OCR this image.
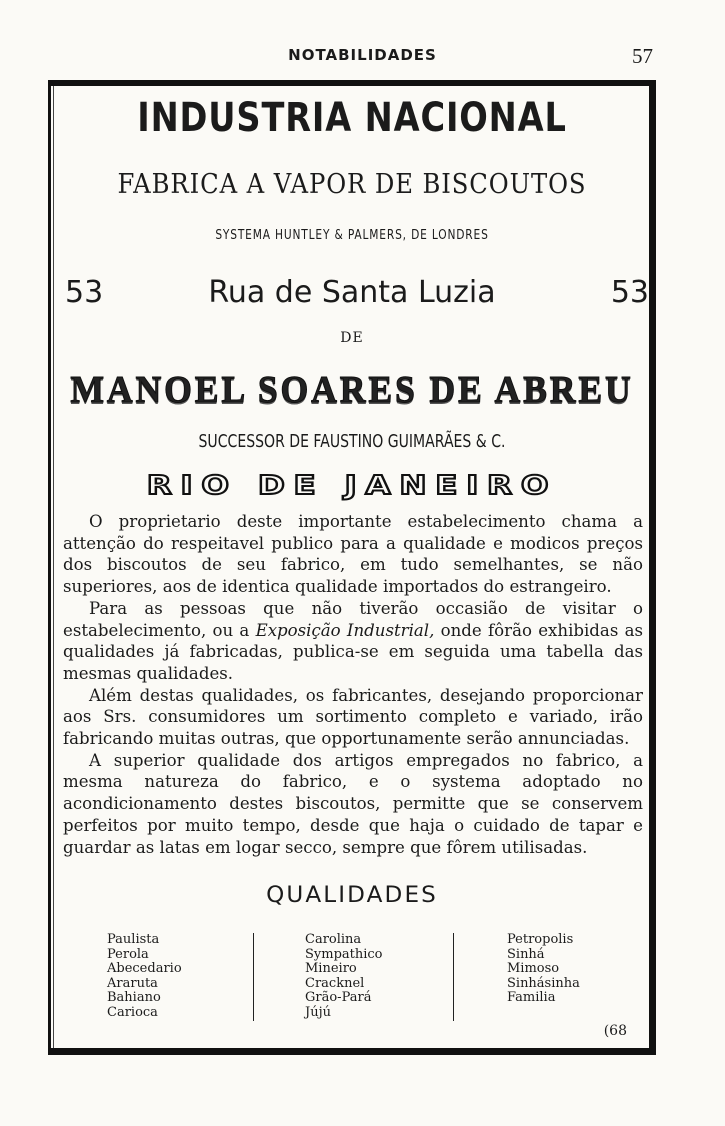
NOTABILIDADES	57
INDUSTRIA NACIONAL
FABRICA A VAPOR DE BISCOUTOS
SYSTEMA HUNTLEY & PALMERS, DE LONDRES
Rua de Santa Luzia
53	53
DE
MANOEL SOARES DE ABREU
SUCCESSOR DE FAUSTINO GUIMARÃES & C.
RIO DE JANEIRO

O proprietario deste importante estabelecimento chama a attenção do respeitavel publico para a qualidade e modicos preços dos biscoutos de seu fabrico, em tudo semelhantes, se não superiores, aos de identica qualidade importados do estrangeiro.

Para as pessoas que não tiverão occasião de visitar o estabelecimento, ou a Exposição Industrial, onde fôrão exhibidas as qualidades já fabricadas, publica-se em seguida uma tabella das mesmas qualidades.

Além destas qualidades, os fabricantes, desejando proporcionar aos Srs. consumidores um sortimento completo e variado, irão fabricando muitas outras, que opportunamente serão annunciadas.

A superior qualidade dos artigos empregados no fabrico, a mesma natureza do fabrico, e o systema adoptado no acondicionamento destes biscoutos, permitte que se conservem perfeitos por muito tempo, desde que haja o cuidado de tapar e guardar as latas em logar secco, sempre que fôrem utilisadas.

QUALIDADES
Paulista
Perola
Abecedario
Araruta
Bahiano
Carioca
Carolina
Sympathico
Mineiro
Cracknel
Grão-Pará
Jújú
Petropolis
Sinhá
Mimoso
Sinhásinha
Familia
(68
